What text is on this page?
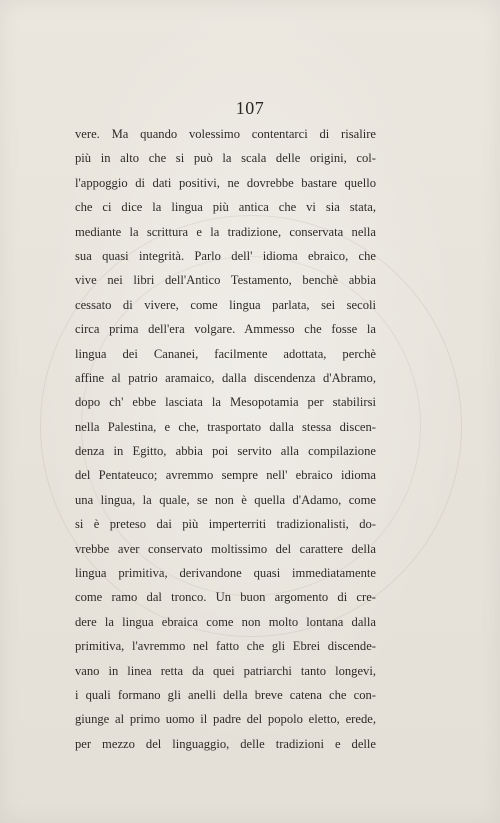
107
vere. Ma quando volessimo contentarci di risalire
più in alto che si può la scala delle origini, col-
l'appoggio di dati positivi, ne dovrebbe bastare quello
che ci dice la lingua più antica che vi sia stata,
mediante la scrittura e la tradizione, conservata nella
sua quasi integrità. Parlo dell' idioma ebraico, che
vive nei libri dell'Antico Testamento, benchè abbia
cessato di vivere, come lingua parlata, sei secoli
circa prima dell'era volgare. Ammesso che fosse la
lingua dei Cananei, facilmente adottata, perchè
affine al patrio aramaico, dalla discendenza d'Abramo,
dopo ch' ebbe lasciata la Mesopotamia per stabilirsi
nella Palestina, e che, trasportato dalla stessa discen-
denza in Egitto, abbia poi servito alla compilazione
del Pentateuco; avremmo sempre nell' ebraico idioma
una lingua, la quale, se non è quella d'Adamo, come
si è preteso dai più imperterriti tradizionalisti, do-
vrebbe aver conservato moltissimo del carattere della
lingua primitiva, derivandone quasi immediatamente
come ramo dal tronco. Un buon argomento di cre-
dere la lingua ebraica come non molto lontana dalla
primitiva, l'avremmo nel fatto che gli Ebrei discende-
vano in linea retta da quei patriarchi tanto longevi,
i quali formano gli anelli della breve catena che con-
giunge al primo uomo il padre del popolo eletto, erede,
per mezzo del linguaggio, delle tradizioni e delle
